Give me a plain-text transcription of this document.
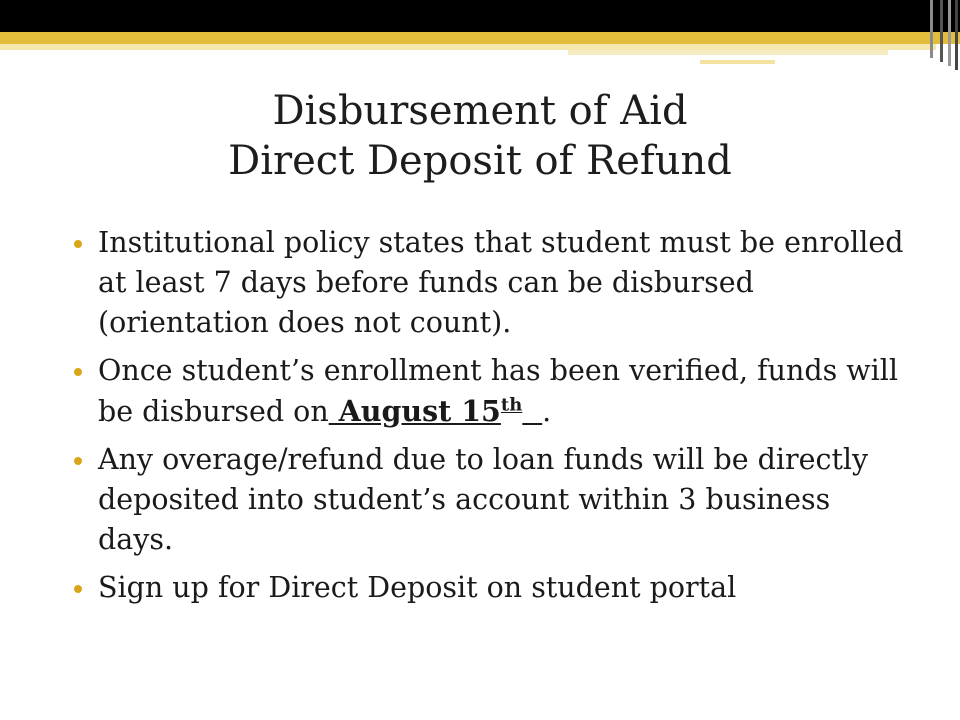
Disbursement of Aid
Direct Deposit of Refund
Institutional policy states that student must be enrolled at least 7 days before funds can be disbursed (orientation does not count).
Once student’s enrollment has been verified, funds will be disbursed on August 15th .
Any overage/refund due to loan funds will be directly deposited into student’s account within 3 business days.
Sign up for Direct Deposit on student portal
